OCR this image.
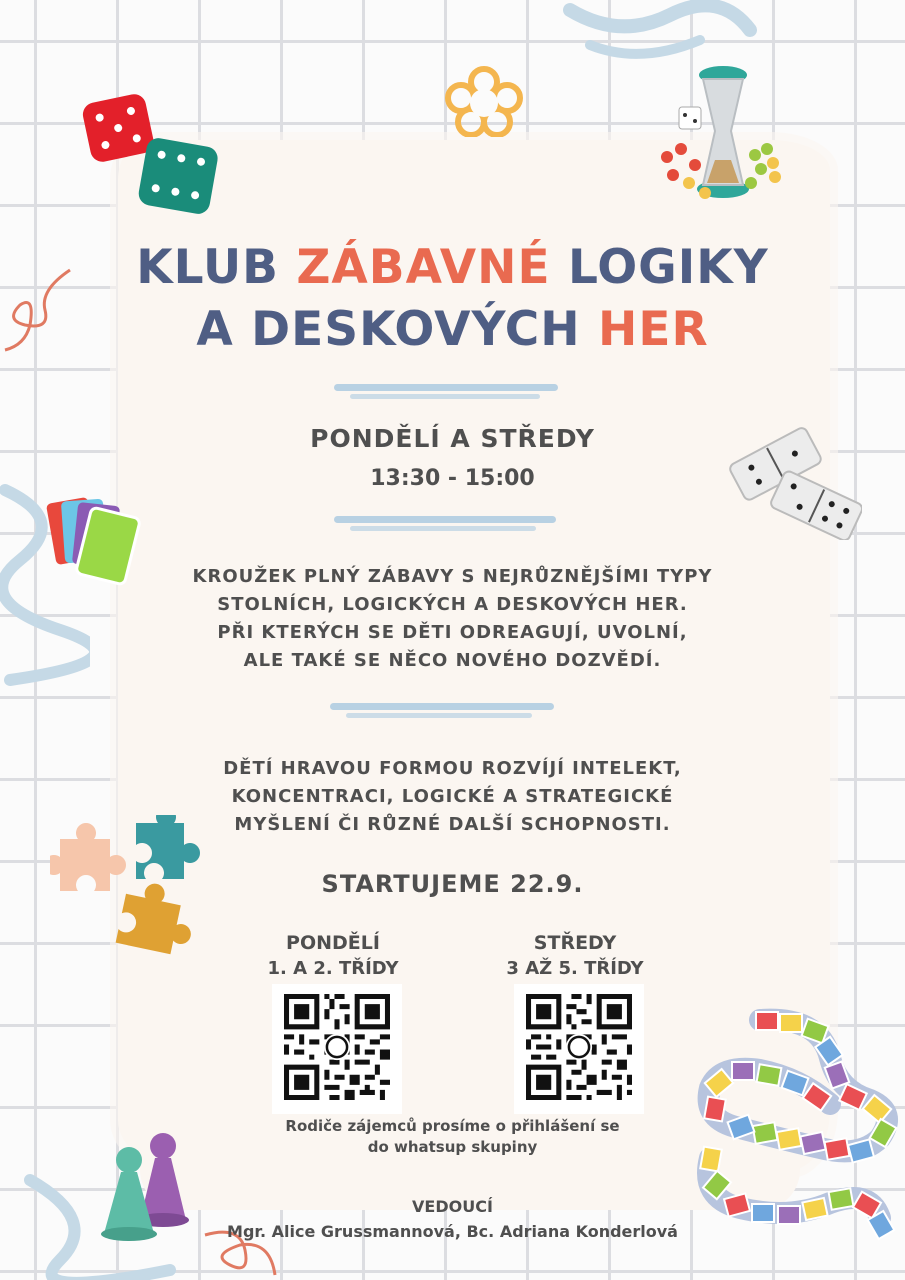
KLUB ZÁBAVNÉ LOGIKY
A DESKOVÝCH HER
PONDĚLÍ A STŘEDY
13:30 - 15:00
KROUŽEK PLNÝ ZÁBAVY S NEJRŮZNĚJŠÍMI TYPY
STOLNÍCH, LOGICKÝCH A DESKOVÝCH HER.
PŘI KTERÝCH SE DĚTI ODREAGUJÍ, UVOLNÍ,
ALE TAKÉ SE NĚCO NOVÉHO DOZVĚDÍ.
DĚTÍ HRAVOU FORMOU ROZVÍJÍ INTELEKT,
KONCENTRACI, LOGICKÉ A STRATEGICKÉ
MYŠLENÍ ČI RŮZNÉ DALŠÍ SCHOPNOSTI.
STARTUJEME 22.9.
PONDĚLÍ
1. A 2. TŘÍDY
STŘEDY
3 AŽ 5. TŘÍDY
Rodiče zájemců prosíme o přihlášení se
do whatsup skupiny
VEDOUCÍ
Mgr. Alice Grussmannová, Bc. Adriana Konderlová
